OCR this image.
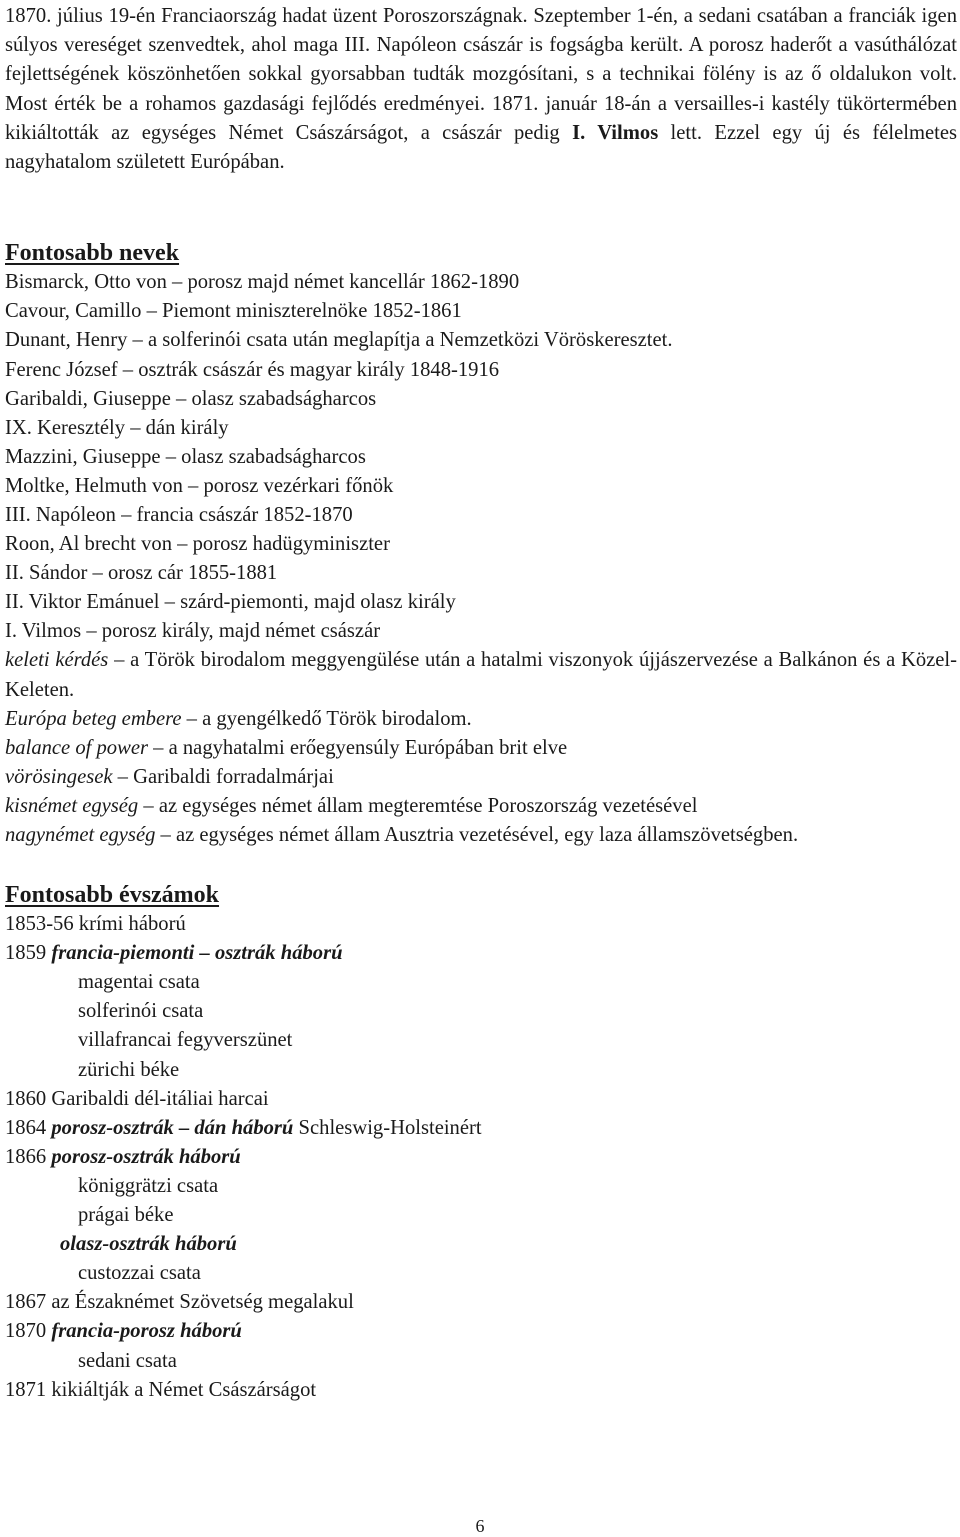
1870. július 19-én Franciaország hadat üzent Poroszországnak. Szeptember 1-én, a sedani csatában a franciák igen súlyos vereséget szenvedtek, ahol maga III. Napóleon császár is fogságba került. A porosz haderőt a vasúthálózat fejlettségének köszönhetően sokkal gyorsabban tudták mozgósítani, s a technikai fölény is az ő oldalukon volt. Most érték be a rohamos gazdasági fejlődés eredményei. 1871. január 18-án a versailles-i kastély tükörtermében kikiáltották az egységes Német Császárságot, a császár pedig I. Vilmos lett. Ezzel egy új és félelmetes nagyhatalom született Európában.

Fontosabb nevek
Bismarck, Otto von – porosz majd német kancellár 1862-1890
Cavour, Camillo – Piemont miniszterelnöke 1852-1861
Dunant, Henry – a solferinói csata után meglapítja a Nemzetközi Vöröskeresztet.
Ferenc József – osztrák császár és magyar király 1848-1916
Garibaldi, Giuseppe – olasz szabadságharcos
IX. Keresztély – dán király
Mazzini, Giuseppe – olasz szabadságharcos
Moltke, Helmuth von – porosz vezérkari főnök
III. Napóleon – francia császár 1852-1870
Roon, Al brecht von – porosz hadügyminiszter
II. Sándor – orosz cár 1855-1881
II. Viktor Emánuel – szárd-piemonti, majd olasz király
I. Vilmos – porosz király, majd német császár
keleti kérdés – a Török birodalom meggyengülése után a hatalmi viszonyok újjászervezése a Balkánon és a Közel-Keleten.
Európa beteg embere – a gyengélkedő Török birodalom.
balance of power – a nagyhatalmi erőegyensúly Európában brit elve
vörösingesek – Garibaldi forradalmárjai
kisnémet egység – az egységes német állam megteremtése Poroszország vezetésével
nagynémet egység – az egységes német állam Ausztria vezetésével, egy laza államszövetségben.
Fontosabb évszámok
1853-56 krími háború
1859 francia-piemonti – osztrák háború
magentai csata
solferinói csata
villafrancai fegyverszünet
zürichi béke
1860 Garibaldi dél-itáliai harcai
1864 porosz-osztrák – dán háború Schleswig-Holsteinért
1866 porosz-osztrák háború
königgrätzi csata
prágai béke
olasz-osztrák háború
custozzai csata
1867 az Északnémet Szövetség megalakul
1870 francia-porosz háború
sedani csata
1871 kikiáltják a Német Császárságot
6
